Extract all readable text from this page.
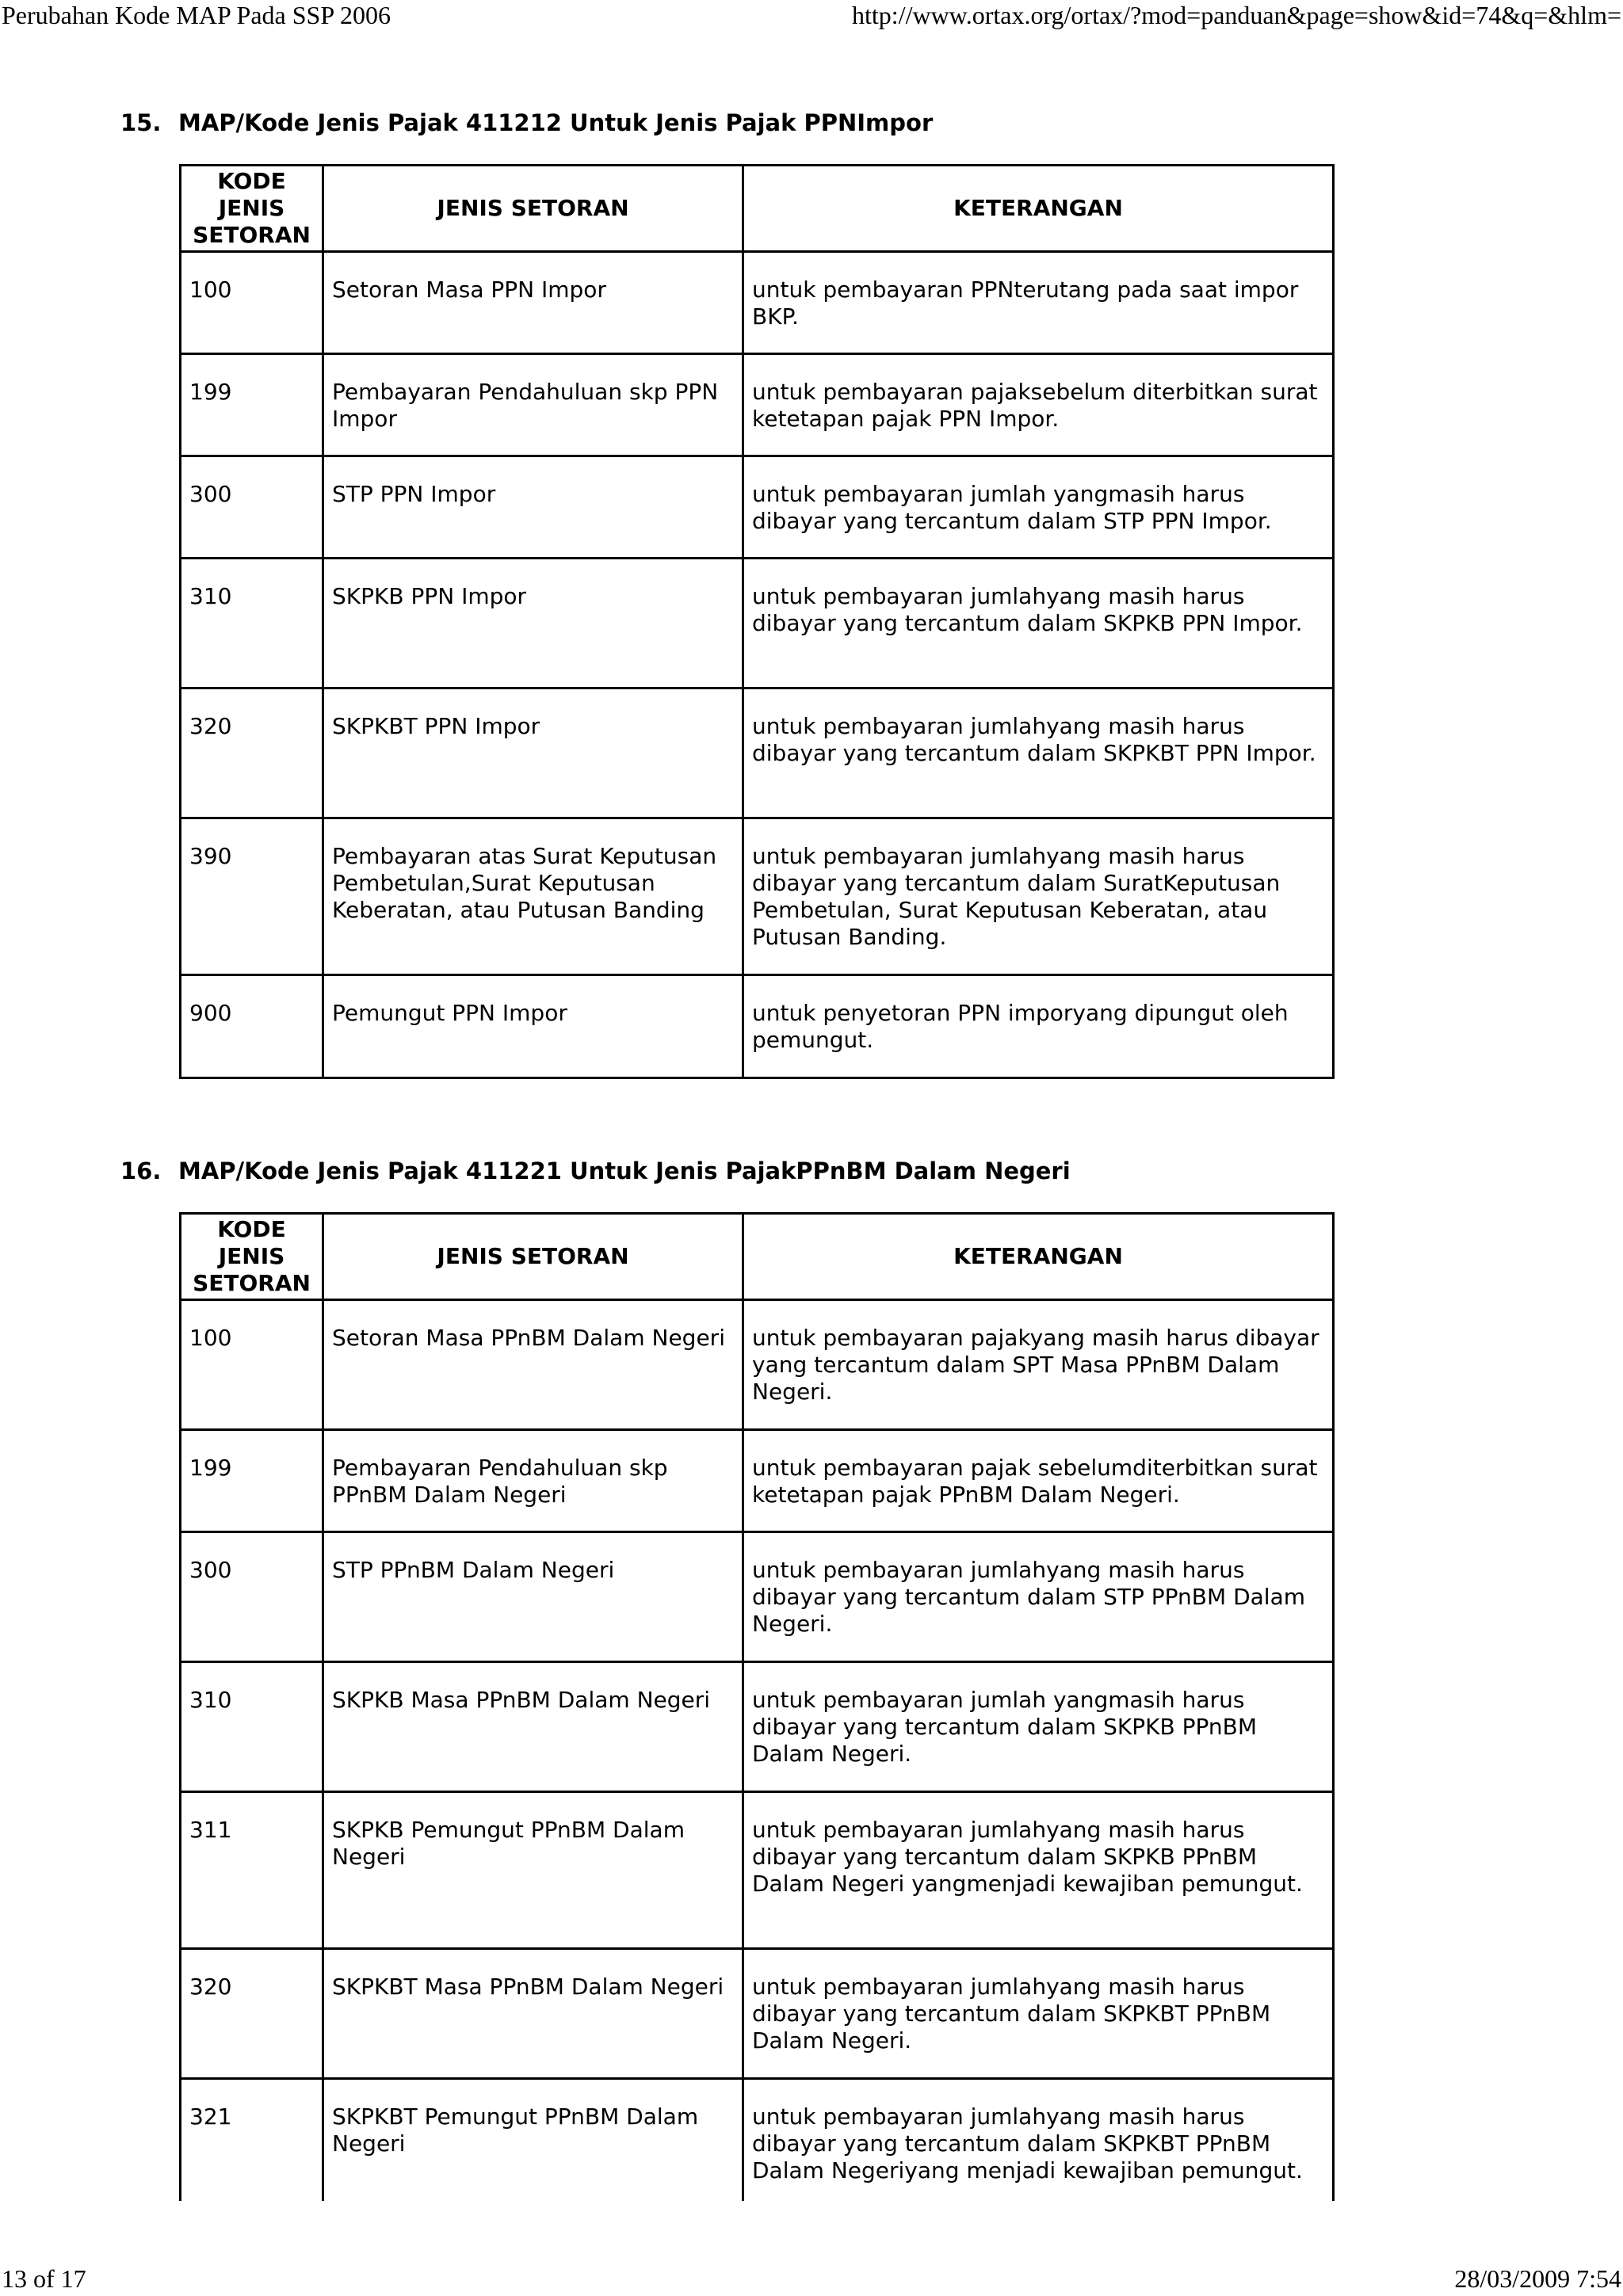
Perubahan Kode MAP Pada SSP 2006	http://www.ortax.org/ortax/?mod=panduan&page=show&id=74&q=&hlm=
15. MAP/Kode Jenis Pajak 411212 Untuk Jenis Pajak PPNImpor
KODE JENIS SETORAN	JENIS SETORAN	KETERANGAN
100	Setoran Masa PPN Impor	untuk pembayaran PPNterutang pada saat impor BKP.
199	Pembayaran Pendahuluan skp PPN Impor	untuk pembayaran pajaksebelum diterbitkan surat ketetapan pajak PPN Impor.
300	STP PPN Impor	untuk pembayaran jumlah yangmasih harus dibayar yang tercantum dalam STP PPN Impor.
310	SKPKB PPN Impor	untuk pembayaran jumlahyang masih harus dibayar yang tercantum dalam SKPKB PPN Impor.
320	SKPKBT PPN Impor	untuk pembayaran jumlahyang masih harus dibayar yang tercantum dalam SKPKBT PPN Impor.
390	Pembayaran atas Surat Keputusan Pembetulan,Surat Keputusan Keberatan, atau Putusan Banding	untuk pembayaran jumlahyang masih harus dibayar yang tercantum dalam SuratKeputusan Pembetulan, Surat Keputusan Keberatan, atau Putusan Banding.
900	Pemungut PPN Impor	untuk penyetoran PPN imporyang dipungut oleh pemungut.
16. MAP/Kode Jenis Pajak 411221 Untuk Jenis PajakPPnBM Dalam Negeri
KODE JENIS SETORAN	JENIS SETORAN	KETERANGAN
100	Setoran Masa PPnBM Dalam Negeri	untuk pembayaran pajakyang masih harus dibayar yang tercantum dalam SPT Masa PPnBM Dalam Negeri.
199	Pembayaran Pendahuluan skp PPnBM Dalam Negeri	untuk pembayaran pajak sebelumditerbitkan surat ketetapan pajak PPnBM Dalam Negeri.
300	STP PPnBM Dalam Negeri	untuk pembayaran jumlahyang masih harus dibayar yang tercantum dalam STP PPnBM Dalam Negeri.
310	SKPKB Masa PPnBM Dalam Negeri	untuk pembayaran jumlah yangmasih harus dibayar yang tercantum dalam SKPKB PPnBM Dalam Negeri.
311	SKPKB Pemungut PPnBM Dalam Negeri	untuk pembayaran jumlahyang masih harus dibayar yang tercantum dalam SKPKB PPnBM Dalam Negeri yangmenjadi kewajiban pemungut.
320	SKPKBT Masa PPnBM Dalam Negeri	untuk pembayaran jumlahyang masih harus dibayar yang tercantum dalam SKPKBT PPnBM Dalam Negeri.
321	SKPKBT Pemungut PPnBM Dalam Negeri	untuk pembayaran jumlahyang masih harus dibayar yang tercantum dalam SKPKBT PPnBM Dalam Negeriyang menjadi kewajiban pemungut.
13 of 17	28/03/2009 7:54
